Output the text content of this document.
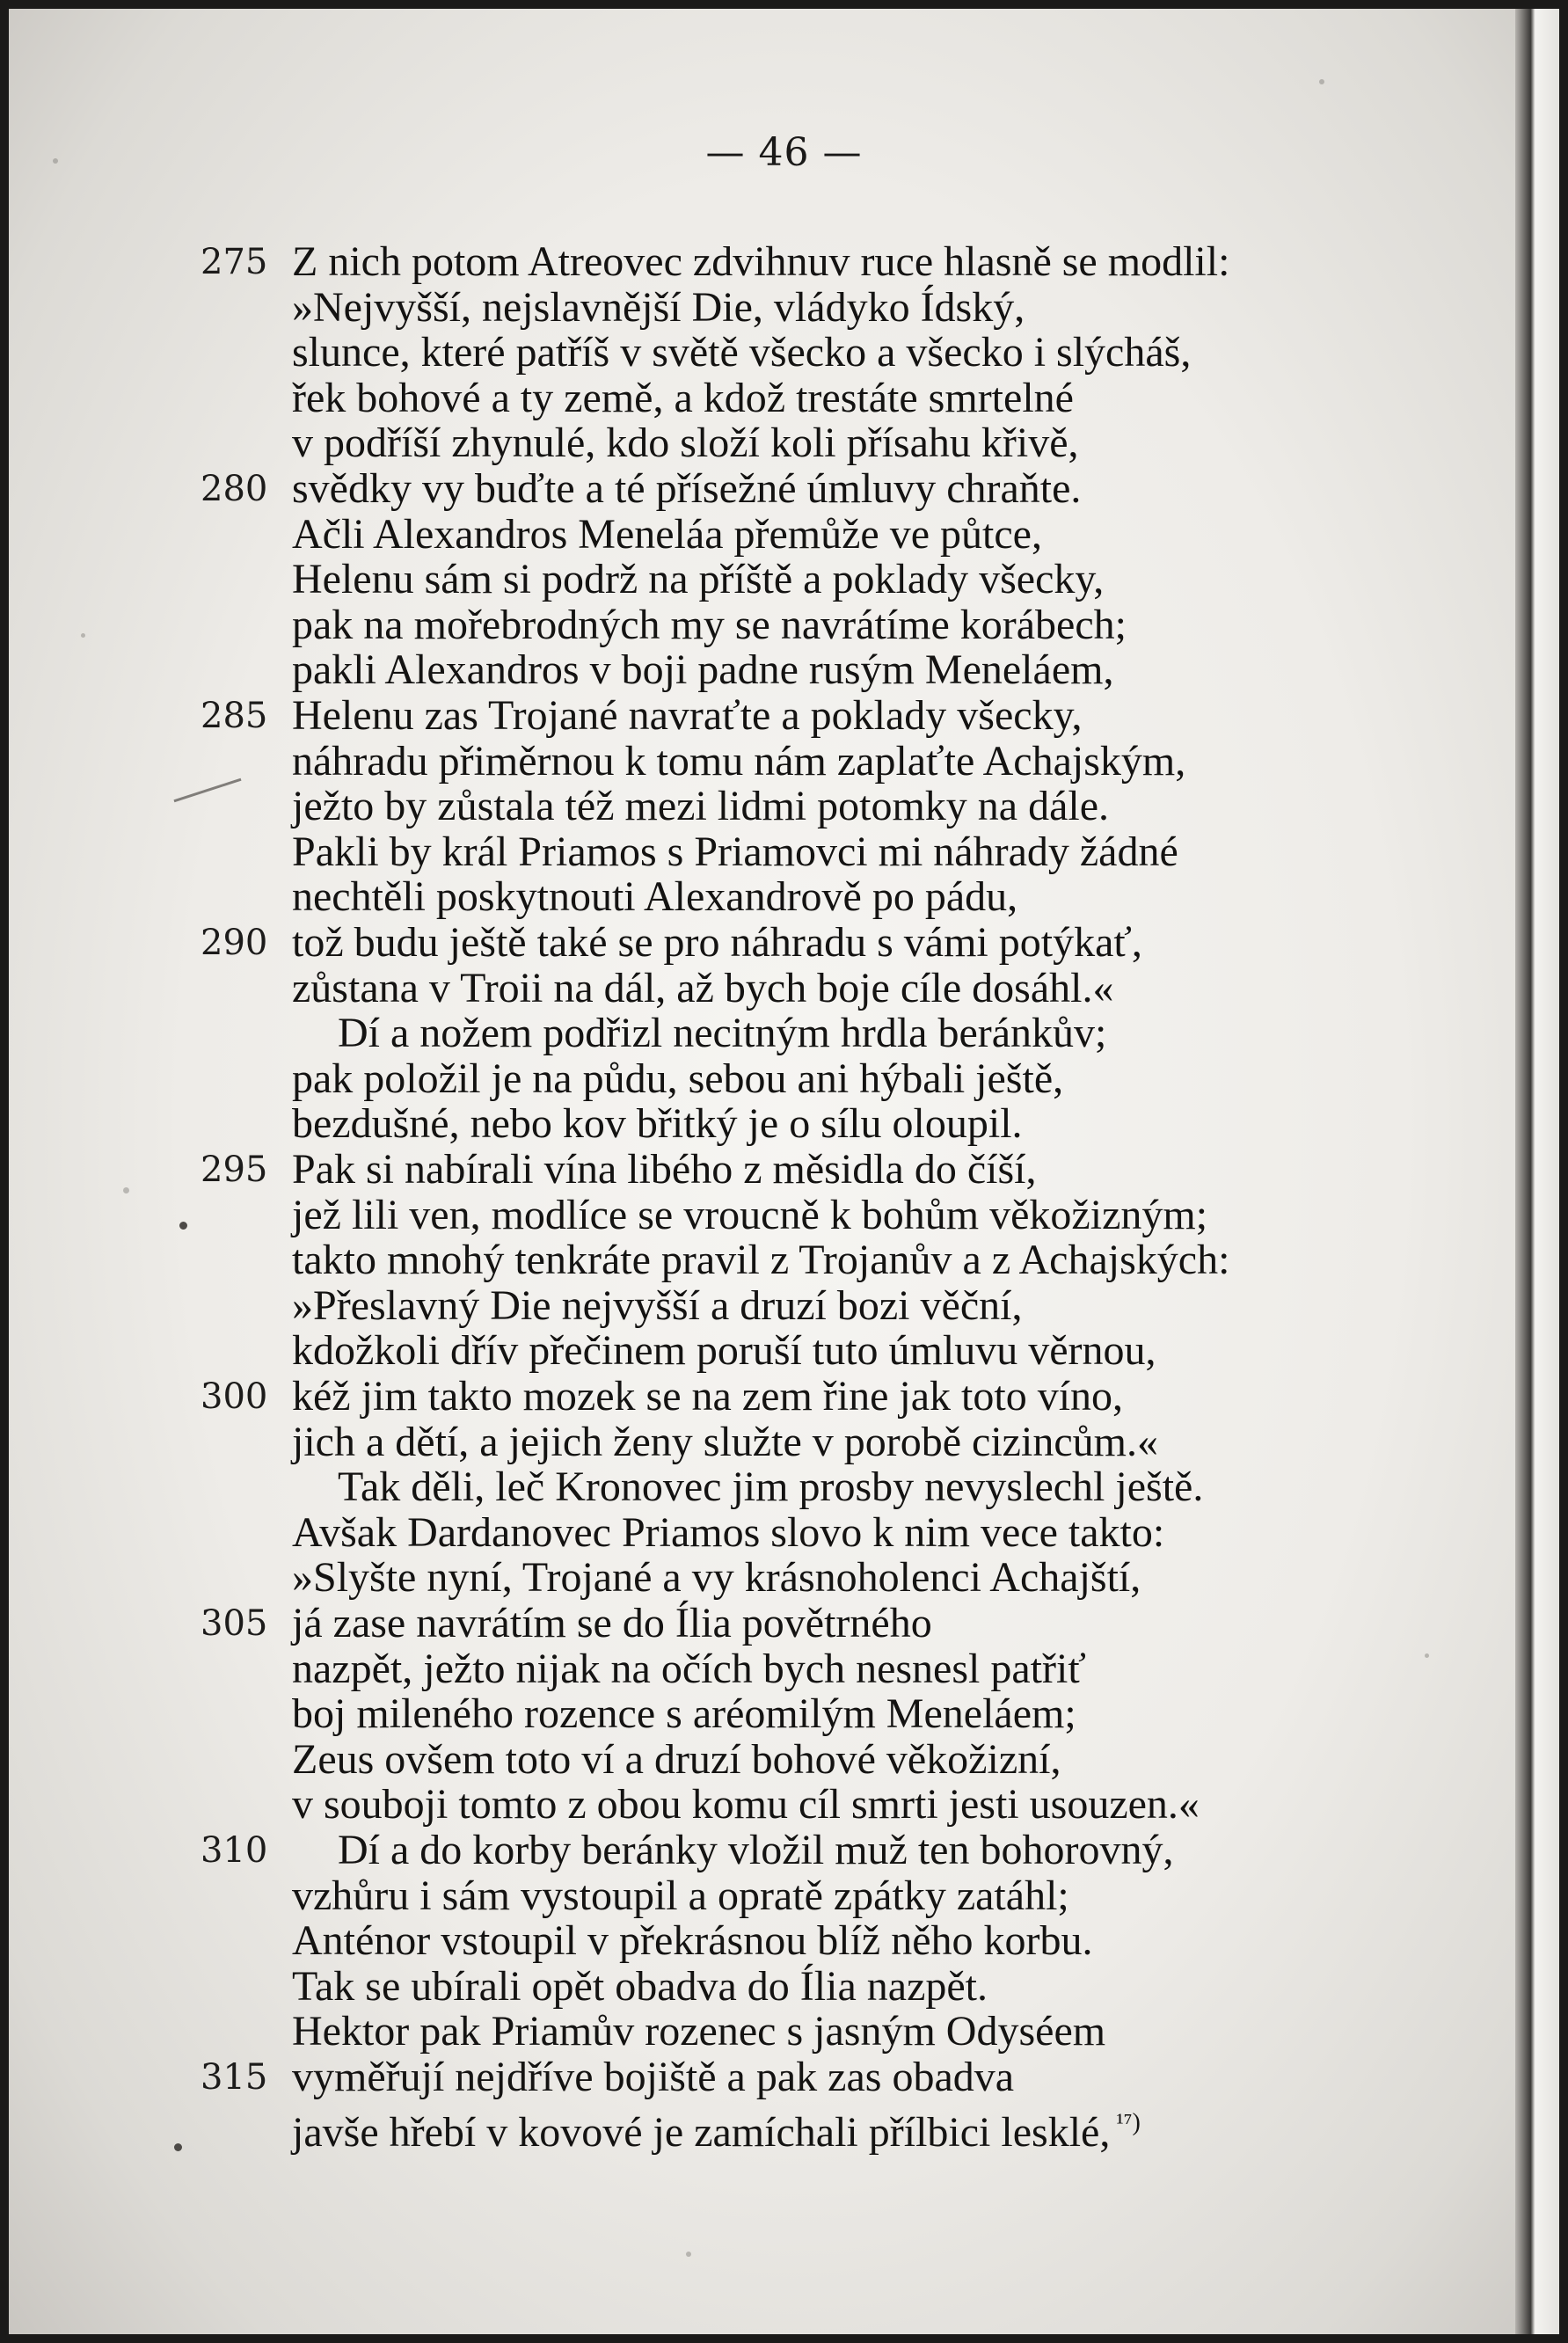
— 46 —
275 Z nich potom Atreovec zdvihnuv ruce hlasně se modlil:
»Nejvyšší, nejslavnější Die, vládyko Ídský,
slunce, které patříš v světě všecko a všecko i slýcháš,
řek bohové a ty země, a kdož trestáte smrtelné
v podříší zhynulé, kdo složí koli přísahu křivě,
280 svědky vy buďte a té přísežné úmluvy chraňte.
Ačli Alexandros Meneláa přemůže ve půtce,
Helenu sám si podrž na příště a poklady všecky,
pak na mořebrodných my se navrátíme korábech;
pakli Alexandros v boji padne rusým Meneláem,
285 Helenu zas Trojané navraťte a poklady všecky,
náhradu přiměrnou k tomu nám zaplaťte Achajským,
ježto by zůstala též mezi lidmi potomky na dále.
Pakli by král Priamos s Priamovci mi náhrady žádné
nechtěli poskytnouti Alexandrově po pádu,
290 tož budu ještě také se pro náhradu s vámi potýkať,
zůstana v Troii na dál, až bych boje cíle dosáhl.«
Dí a nožem podřizl necitným hrdla beránkův;
pak položil je na půdu, sebou ani hýbali ještě,
bezdušné, nebo kov břitký je o sílu oloupil.
295 Pak si nabírali vína libého z měsidla do číší,
jež lili ven, modlíce se vroucně k bohům věkožizným;
takto mnohý tenkráte pravil z Trojanův a z Achajských:
»Přeslavný Die nejvyšší a druzí bozi věční,
kdožkoli dřív přečinem poruší tuto úmluvu věrnou,
300 kéž jim takto mozek se na zem řine jak toto víno,
jich a dětí, a jejich ženy služte v porobě cizincům.«
Tak děli, leč Kronovec jim prosby nevyslechl ještě.
Avšak Dardanovec Priamos slovo k nim vece takto:
»Slyšte nyní, Trojané a vy krásnoholenci Achajští,
305 já zase navrátím se do Ília povětrného
nazpět, ježto nijak na očích bych nesnesl patřiť
boj mileného rozence s aréomilým Meneláem;
Zeus ovšem toto ví a druzí bohové věkožizní,
v souboji tomto z obou komu cíl smrti jesti usouzen.«
310 Dí a do korby beránky vložil muž ten bohorovný,
vzhůru i sám vystoupil a opratě zpátky zatáhl;
Anténor vstoupil v překrásnou blíž něho korbu.
Tak se ubírali opět obadva do Ília nazpět.
Hektor pak Priamův rozenec s jasným Odyséem
315 vyměřují nejdříve bojiště a pak zas obadva
javše hřebí v kovové je zamíchali přílbici lesklé, $^{^{17})}$
